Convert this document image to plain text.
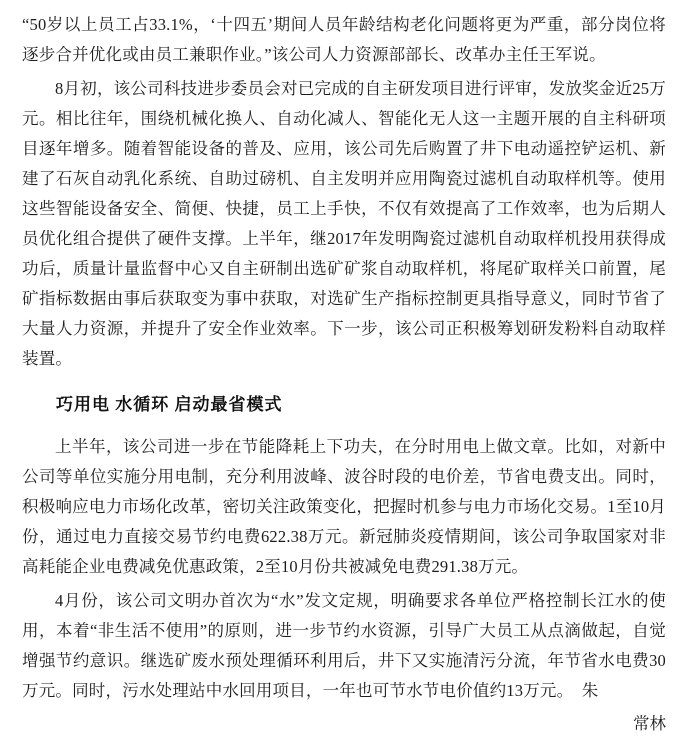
“50岁以上员工占33.1%，‘十四五’期间人员年龄结构老化问题将更为严重，部分岗位将逐步合并优化或由员工兼职作业。”该公司人力资源部部长、改革办主任王军说。

8月初，该公司科技进步委员会对已完成的自主研发项目进行评审，发放奖金近25万元。相比往年，围绕机械化换人、自动化减人、智能化无人这一主题开展的自主科研项目逐年增多。随着智能设备的普及、应用，该公司先后购置了井下电动遥控铲运机、新建了石灰自动乳化系统、自助过磅机、自主发明并应用陶瓷过滤机自动取样机等。使用这些智能设备安全、简便、快捷，员工上手快，不仅有效提高了工作效率，也为后期人员优化组合提供了硬件支撑。上半年，继2017年发明陶瓷过滤机自动取样机投用获得成功后，质量计量监督中心又自主研制出选矿矿浆自动取样机，将尾矿取样关口前置，尾矿指标数据由事后获取变为事中获取，对选矿生产指标控制更具指导意义，同时节省了大量人力资源，并提升了安全作业效率。下一步，该公司正积极筹划研发粉料自动取样装置。

巧用电 水循环 启动最省模式

上半年，该公司进一步在节能降耗上下功夫，在分时用电上做文章。比如，对新中公司等单位实施分用电制，充分利用波峰、波谷时段的电价差，节省电费支出。同时，积极响应电力市场化改革，密切关注政策变化，把握时机参与电力市场化交易。1至10月份，通过电力直接交易节约电费622.38万元。新冠肺炎疫情期间，该公司争取国家对非高耗能企业电费减免优惠政策，2至10月份共被减免电费291.38万元。

4月份，该公司文明办首次为“水”发文定规，明确要求各单位严格控制长江水的使用，本着“非生活不使用”的原则，进一步节约水资源，引导广大员工从点滴做起，自觉增强节约意识。继选矿废水预处理循环利用后，井下又实施清污分流，年节省水电费30万元。同时，污水处理站中水回用项目，一年也可节水节电价值约13万元。　朱

常林
